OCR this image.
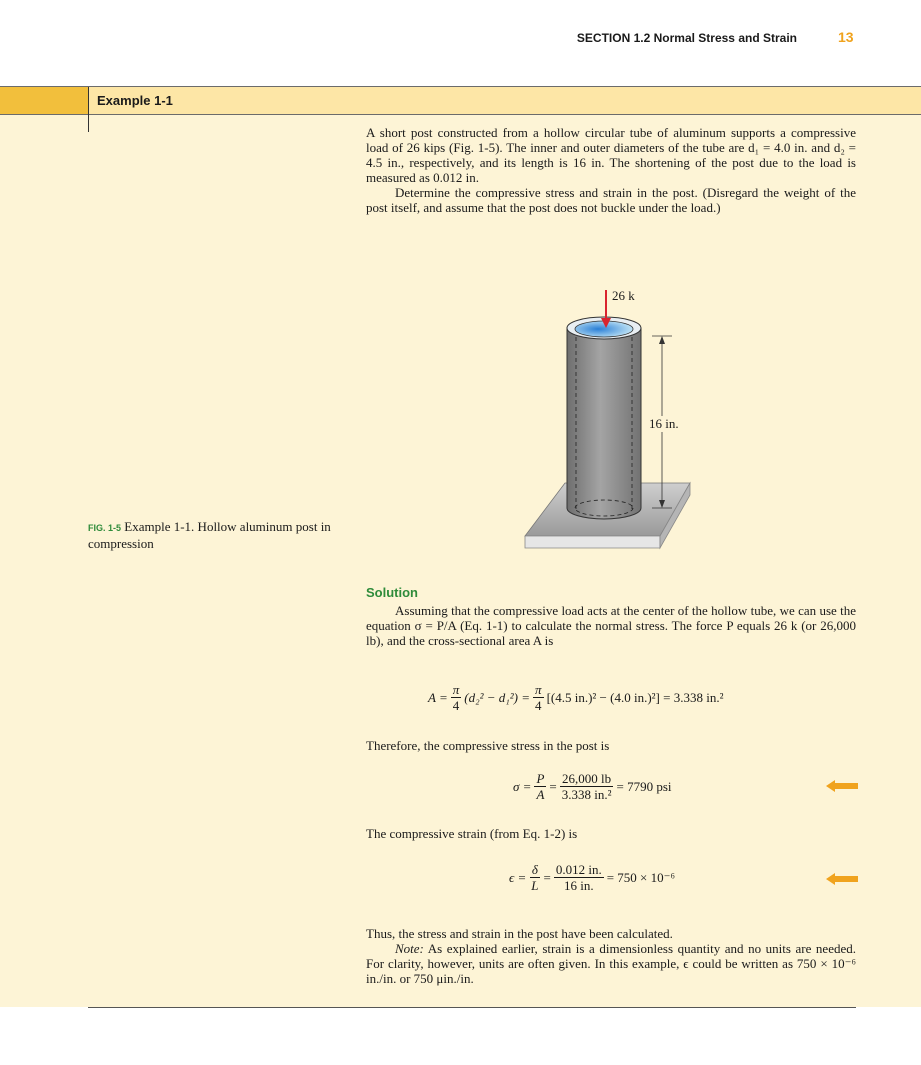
SECTION 1.2 Normal Stress and Strain	13
Example 1-1

A short post constructed from a hollow circular tube of aluminum supports a compressive load of 26 kips (Fig. 1-5). The inner and outer diameters of the tube are d₁ = 4.0 in. and d₂ = 4.5 in., respectively, and its length is 16 in. The shortening of the post due to the load is measured as 0.012 in.

Determine the compressive stress and strain in the post. (Disregard the weight of the post itself, and assume that the post does not buckle under the load.)

26 k
16 in.
FIG. 1-5 Example 1-1. Hollow aluminum post in compression
Solution
Assuming that the compressive load acts at the center of the hollow tube, we can use the equation σ = P/A (Eq. 1-1) to calculate the normal stress. The force P equals 26 k (or 26,000 lb), and the cross-sectional area A is
$A = \frac{\pi}{4} (d_2^2 - d_1^2) = \frac{\pi}{4} [(4.5$ in.)² − (4.0 in.)²] = 3.338 in.²
Therefore, the compressive stress in the post is
$\sigma = \frac{P}{A} = \frac{26,000 lb}{\text{3.338 in.²}} = 7790$ psi
The compressive strain (from Eq. 1-2) is
$\epsilon = \frac{\delta}{L} = \frac{0.012 in.}{16 in.} = 750 \times 10^{-6}$

Thus, the stress and strain in the post have been calculated.

Note: As explained earlier, strain is a dimensionless quantity and no units are needed. For clarity, however, units are often given. In this example, ϵ could be written as 750 × 10⁻⁶ in./in. or 750 μin./in.
